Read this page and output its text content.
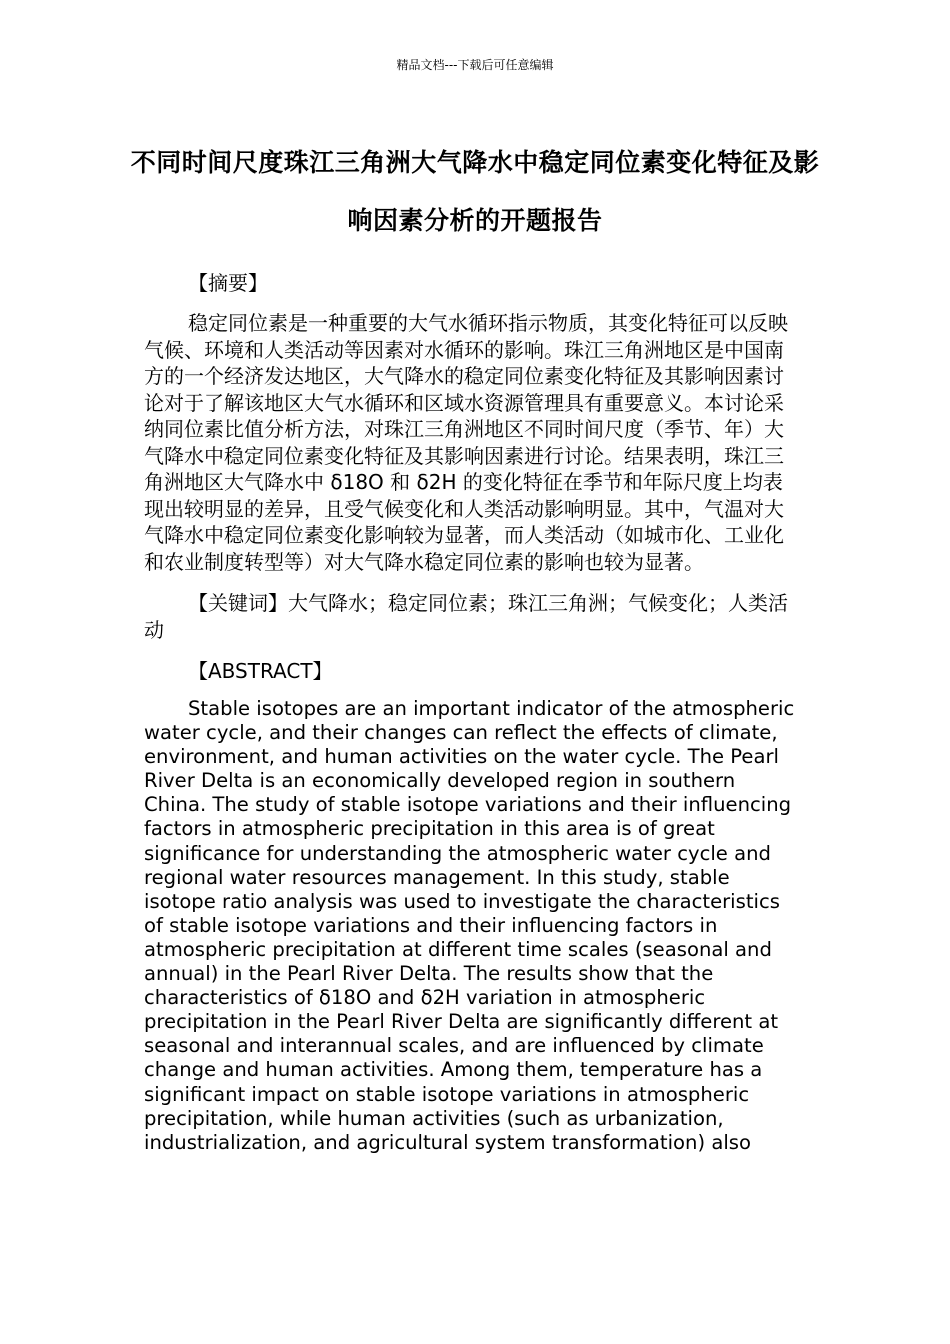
精品文档---下载后可任意编辑
不同时间尺度珠江三角洲大气降水中稳定同位素变化特征及影响因素分析的开题报告

【摘要】

稳定同位素是一种重要的大气水循环指示物质，其变化特征可以反映气候、环境和人类活动等因素对水循环的影响。珠江三角洲地区是中国南方的一个经济发达地区，大气降水的稳定同位素变化特征及其影响因素讨论对于了解该地区大气水循环和区域水资源管理具有重要意义。本讨论采纳同位素比值分析方法，对珠江三角洲地区不同时间尺度（季节、年）大气降水中稳定同位素变化特征及其影响因素进行讨论。结果表明，珠江三角洲地区大气降水中 δ18O 和 δ2H 的变化特征在季节和年际尺度上均表现出较明显的差异，且受气候变化和人类活动影响明显。其中，气温对大气降水中稳定同位素变化影响较为显著，而人类活动（如城市化、工业化和农业制度转型等）对大气降水稳定同位素的影响也较为显著。

【关键词】大气降水；稳定同位素；珠江三角洲；气候变化；人类活动

【ABSTRACT】

Stable isotopes are an important indicator of the atmospheric water cycle, and their changes can reflect the effects of climate, environment, and human activities on the water cycle. The Pearl River Delta is an economically developed region in southern China. The study of stable isotope variations and their influencing factors in atmospheric precipitation in this area is of great significance for understanding the atmospheric water cycle and regional water resources management. In this study, stable isotope ratio analysis was used to investigate the characteristics of stable isotope variations and their influencing factors in atmospheric precipitation at different time scales (seasonal and annual) in the Pearl River Delta. The results show that the characteristics of δ18O and δ2H variation in atmospheric precipitation in the Pearl River Delta are significantly different at seasonal and interannual scales, and are influenced by climate change and human activities. Among them, temperature has a significant impact on stable isotope variations in atmospheric precipitation, while human activities (such as urbanization, industrialization, and agricultural system transformation) also
